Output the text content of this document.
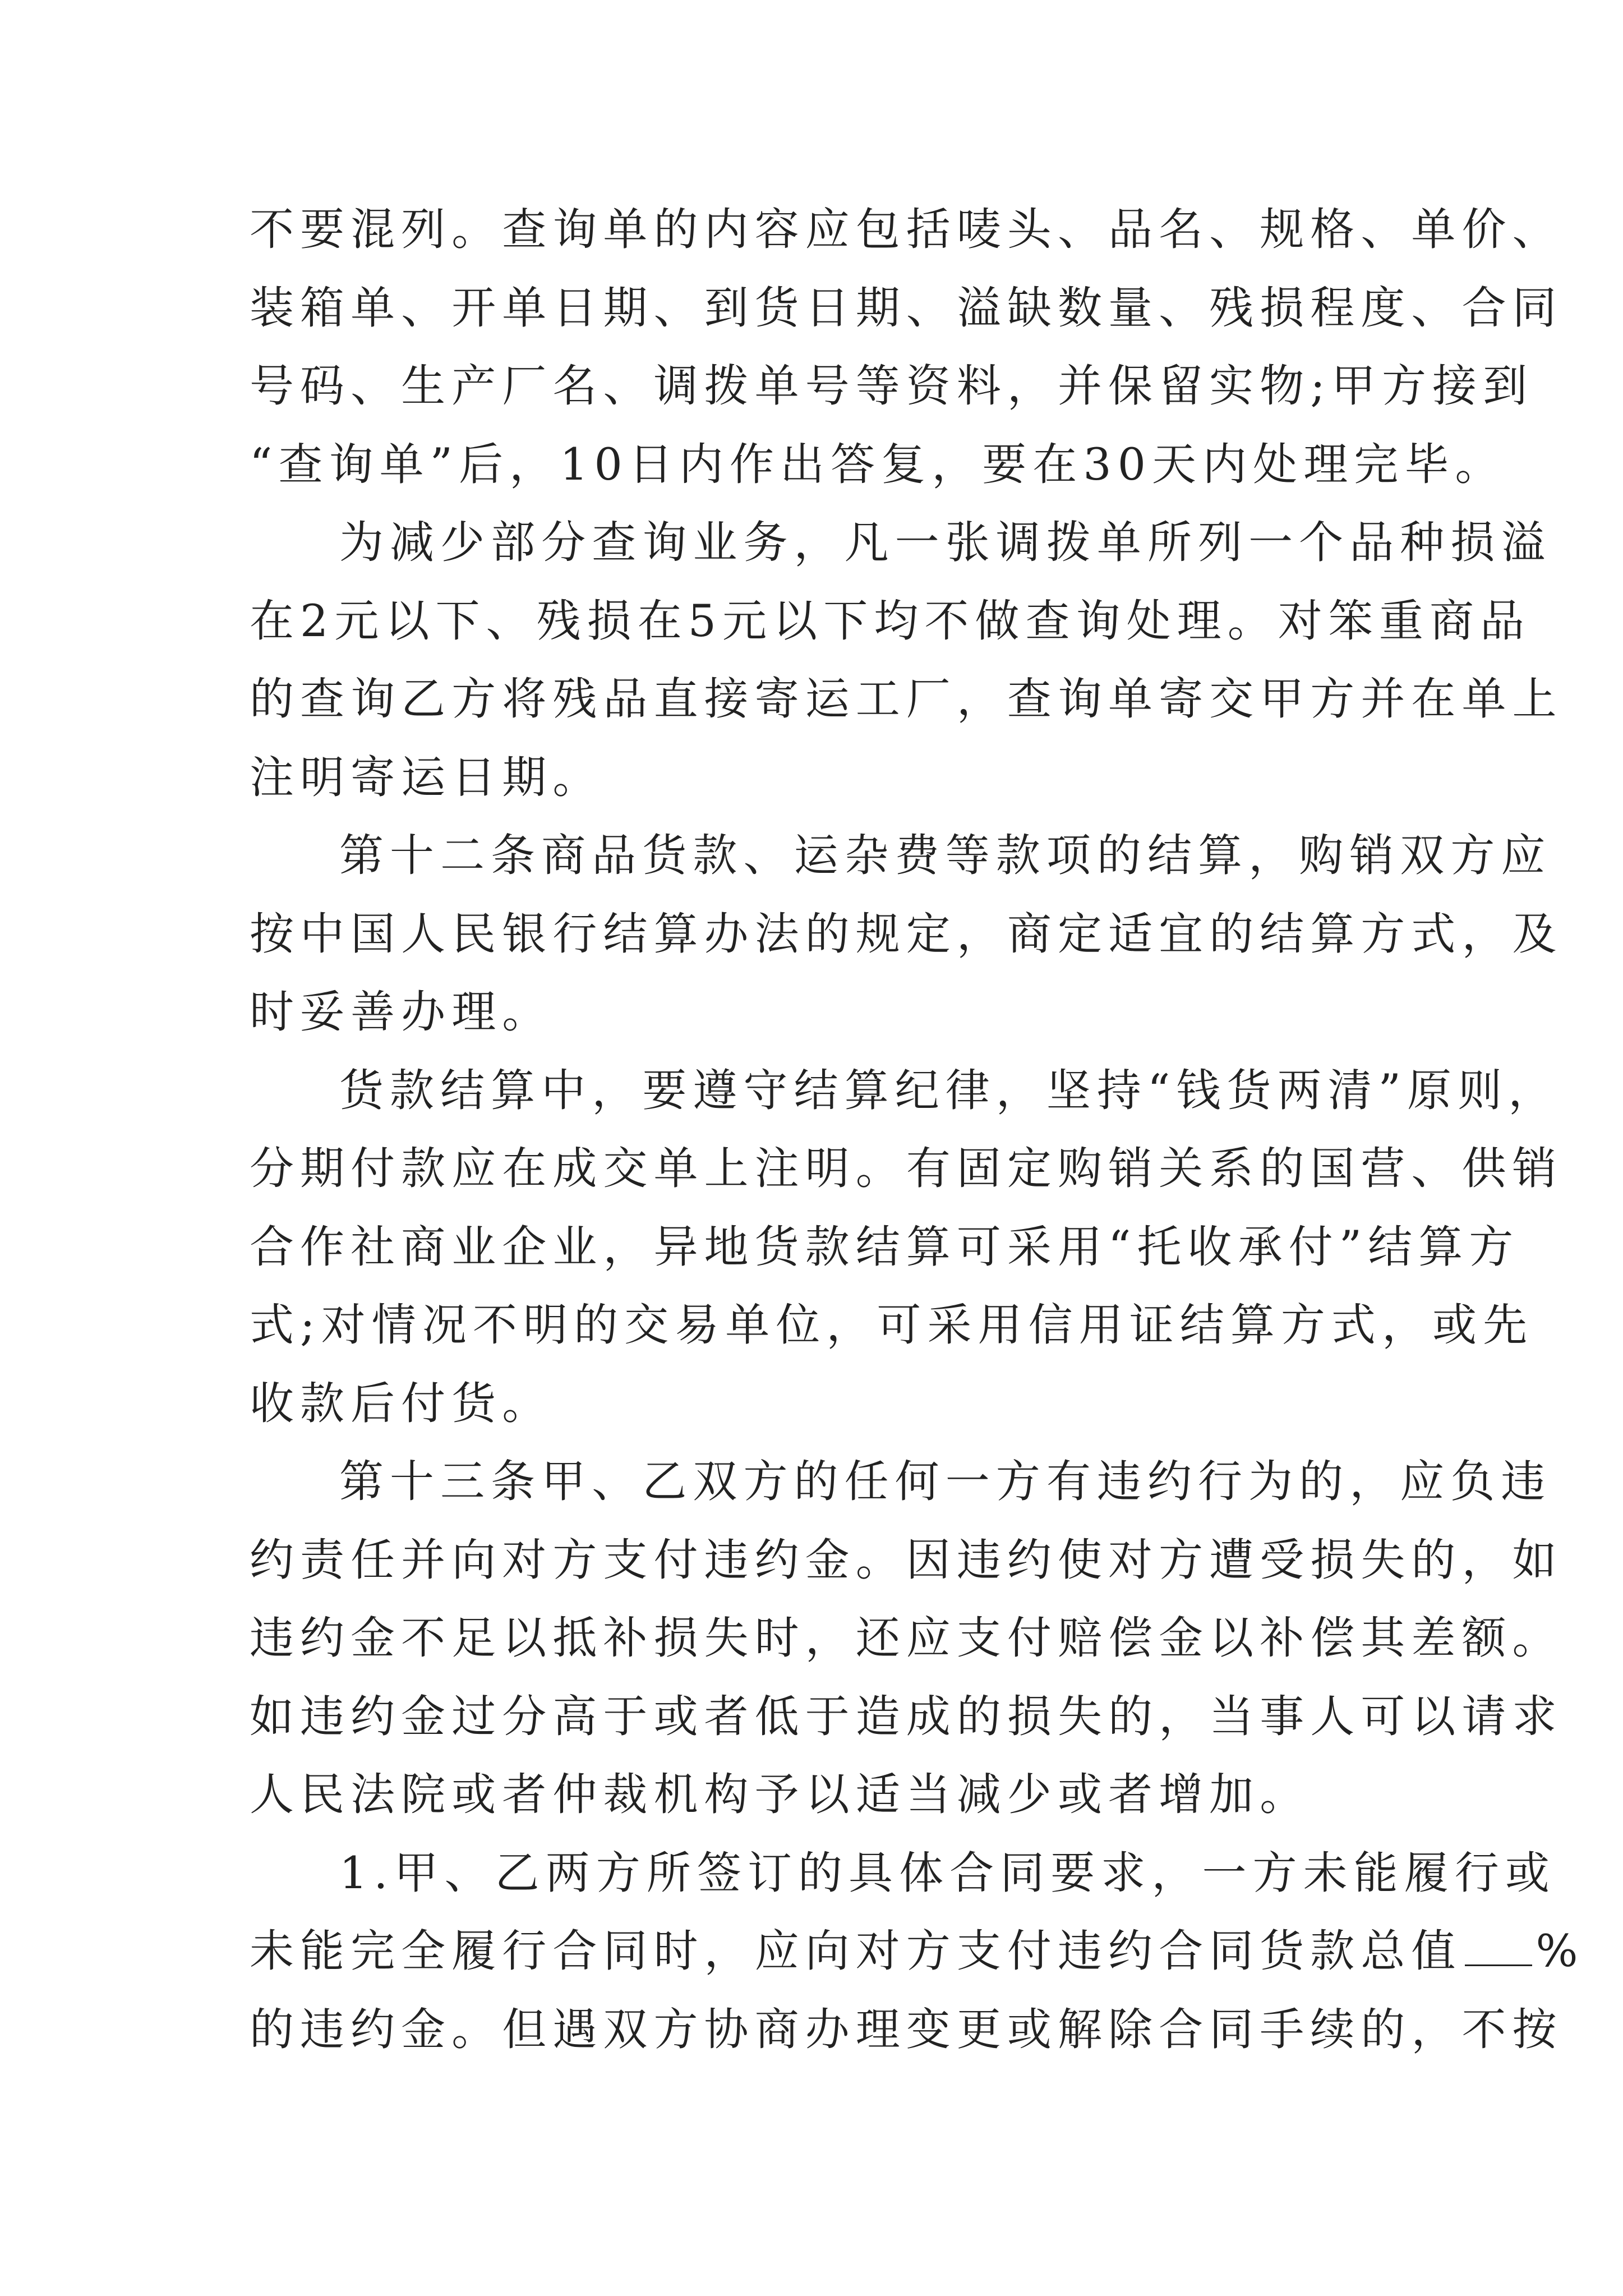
不要混列。查询单的内容应包括唛头、品名、规格、单价、
装箱单、开单日期、到货日期、溢缺数量、残损程度、合同
号码、生产厂名、调拨单号等资料，并保留实物;甲方接到
“查询单”后，10日内作出答复，要在30天内处理完毕。
为减少部分查询业务，凡一张调拨单所列一个品种损溢
在2元以下、残损在5元以下均不做查询处理。对笨重商品
的查询乙方将残品直接寄运工厂，查询单寄交甲方并在单上
注明寄运日期。
第十二条商品货款、运杂费等款项的结算，购销双方应
按中国人民银行结算办法的规定，商定适宜的结算方式，及
时妥善办理。
货款结算中，要遵守结算纪律，坚持“钱货两清”原则，
分期付款应在成交单上注明。有固定购销关系的国营、供销
合作社商业企业，异地货款结算可采用“托收承付”结算方
式;对情况不明的交易单位，可采用信用证结算方式，或先
收款后付货。
第十三条甲、乙双方的任何一方有违约行为的，应负违
约责任并向对方支付违约金。因违约使对方遭受损失的，如
违约金不足以抵补损失时，还应支付赔偿金以补偿其差额。
如违约金过分高于或者低于造成的损失的，当事人可以请求
人民法院或者仲裁机构予以适当减少或者增加。
1.甲、乙两方所签订的具体合同要求，一方未能履行或
未能完全履行合同时，应向对方支付违约合同货款总值 %
的违约金。但遇双方协商办理变更或解除合同手续的，不按
